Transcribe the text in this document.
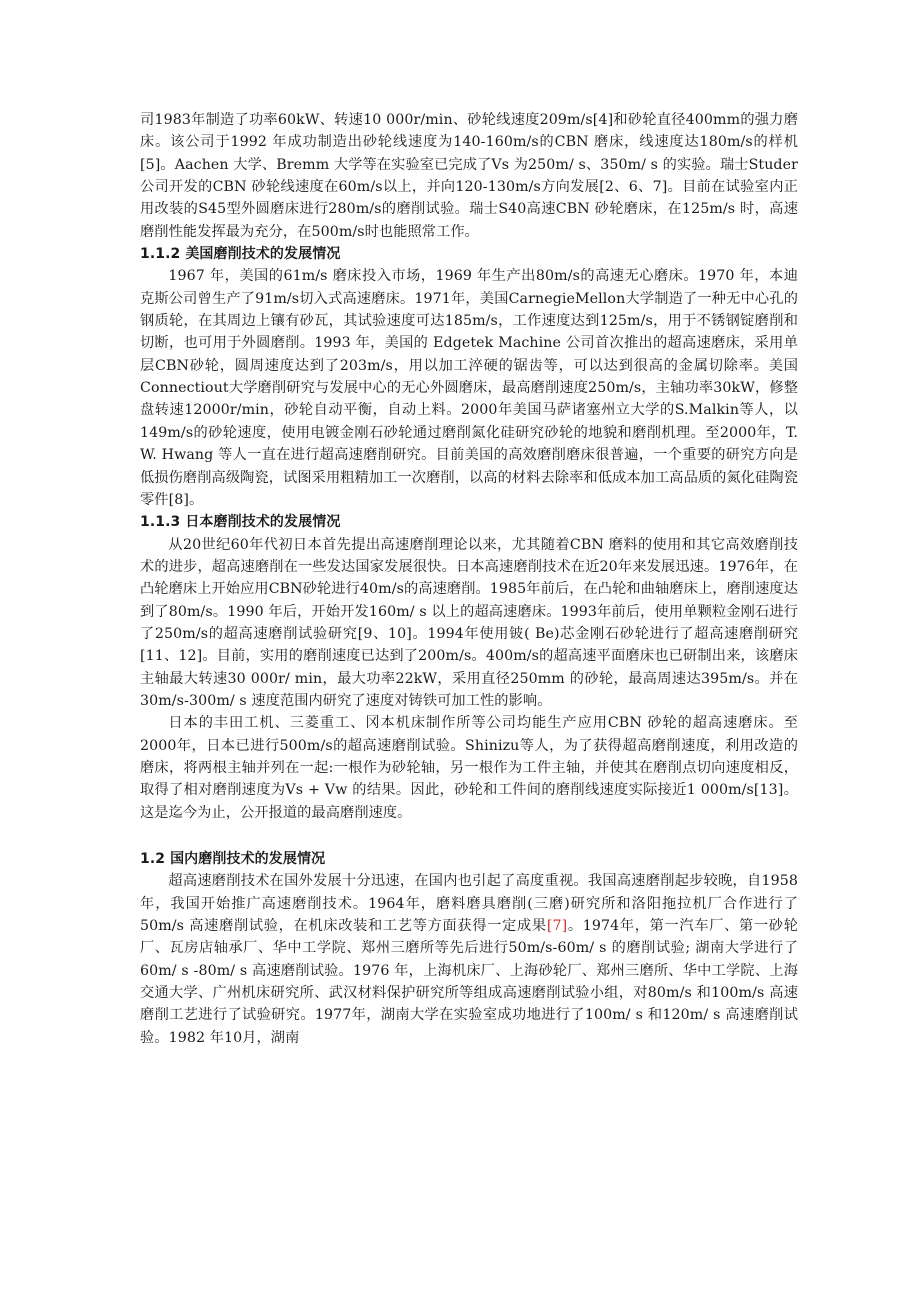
司1983年制造了功率60kW、转速10 000r/min、砂轮线速度209m/s[4]和砂轮直径400mm的强力磨床。该公司于1992 年成功制造出砂轮线速度为140-160m/s的CBN 磨床，线速度达180m/s的样机[5]。Aachen 大学、Bremm 大学等在实验室已完成了Vs 为250m/ s、350m/ s 的实验。瑞士Studer 公司开发的CBN 砂轮线速度在60m/s以上，并向120-130m/s方向发展[2、6、7]。目前在试验室内正用改装的S45型外圆磨床进行280m/s的磨削试验。瑞士S40高速CBN 砂轮磨床，在125m/s 时，高速磨削性能发挥最为充分，在500m/s时也能照常工作。

1.1.2 美国磨削技术的发展情况

1967 年，美国的61m/s 磨床投入市场，1969 年生产出80m/s的高速无心磨床。1970 年，本迪克斯公司曾生产了91m/s切入式高速磨床。1971年，美国CarnegieMellon大学制造了一种无中心孔的钢质轮，在其周边上镶有砂瓦，其试验速度可达185m/s，工作速度达到125m/s，用于不锈钢锭磨削和切断，也可用于外圆磨削。1993 年，美国的 Edgetek Machine 公司首次推出的超高速磨床，采用单层CBN砂轮，圆周速度达到了203m/s，用以加工淬硬的锯齿等，可以达到很高的金属切除率。美国Connectiout大学磨削研究与发展中心的无心外圆磨床，最高磨削速度250m/s，主轴功率30kW，修整盘转速12000r/min，砂轮自动平衡，自动上料。2000年美国马萨诸塞州立大学的S.Malkin等人，以149m/s的砂轮速度，使用电镀金刚石砂轮通过磨削氮化硅研究砂轮的地貌和磨削机理。至2000年，T. W. Hwang 等人一直在进行超高速磨削研究。目前美国的高效磨削磨床很普遍，一个重要的研究方向是低损伤磨削高级陶瓷，试图采用粗精加工一次磨削，以高的材料去除率和低成本加工高品质的氮化硅陶瓷零件[8]。

1.1.3 日本磨削技术的发展情况

从20世纪60年代初日本首先提出高速磨削理论以来，尤其随着CBN 磨料的使用和其它高效磨削技术的进步，超高速磨削在一些发达国家发展很快。日本高速磨削技术在近20年来发展迅速。1976年，在凸轮磨床上开始应用CBN砂轮进行40m/s的高速磨削。1985年前后，在凸轮和曲轴磨床上，磨削速度达到了80m/s。1990 年后，开始开发160m/ s 以上的超高速磨床。1993年前后，使用单颗粒金刚石进行了250m/s的超高速磨削试验研究[9、10]。1994年使用铍( Be)芯金刚石砂轮进行了超高速磨削研究[11、12]。目前，实用的磨削速度已达到了200m/s。400m/s的超高速平面磨床也已研制出来，该磨床主轴最大转速30 000r/ min，最大功率22kW，采用直径250mm 的砂轮，最高周速达395m/s。并在30m/s-300m/ s 速度范围内研究了速度对铸铁可加工性的影响。

日本的丰田工机、三菱重工、冈本机床制作所等公司均能生产应用CBN 砂轮的超高速磨床。至2000年，日本已进行500m/s的超高速磨削试验。Shinizu等人，为了获得超高磨削速度，利用改造的磨床，将两根主轴并列在一起:一根作为砂轮轴，另一根作为工件主轴，并使其在磨削点切向速度相反，取得了相对磨削速度为Vs + Vw 的结果。因此，砂轮和工件间的磨削线速度实际接近1 000m/s[13]。这是迄今为止，公开报道的最高磨削速度。

1.2 国内磨削技术的发展情况

超高速磨削技术在国外发展十分迅速，在国内也引起了高度重视。我国高速磨削起步较晚，自1958年，我国开始推广高速磨削技术。1964年，磨料磨具磨削(三磨)研究所和洛阳拖拉机厂合作进行了50m/s 高速磨削试验，在机床改装和工艺等方面获得一定成果[7]。1974年，第一汽车厂、第一砂轮厂、瓦房店轴承厂、华中工学院、郑州三磨所等先后进行50m/s-60m/ s 的磨削试验; 湖南大学进行了60m/ s -80m/ s 高速磨削试验。1976 年，上海机床厂、上海砂轮厂、郑州三磨所、华中工学院、上海交通大学、广州机床研究所、武汉材料保护研究所等组成高速磨削试验小组，对80m/s 和100m/s 高速磨削工艺进行了试验研究。1977年，湖南大学在实验室成功地进行了100m/ s 和120m/ s 高速磨削试验。1982 年10月，湖南
